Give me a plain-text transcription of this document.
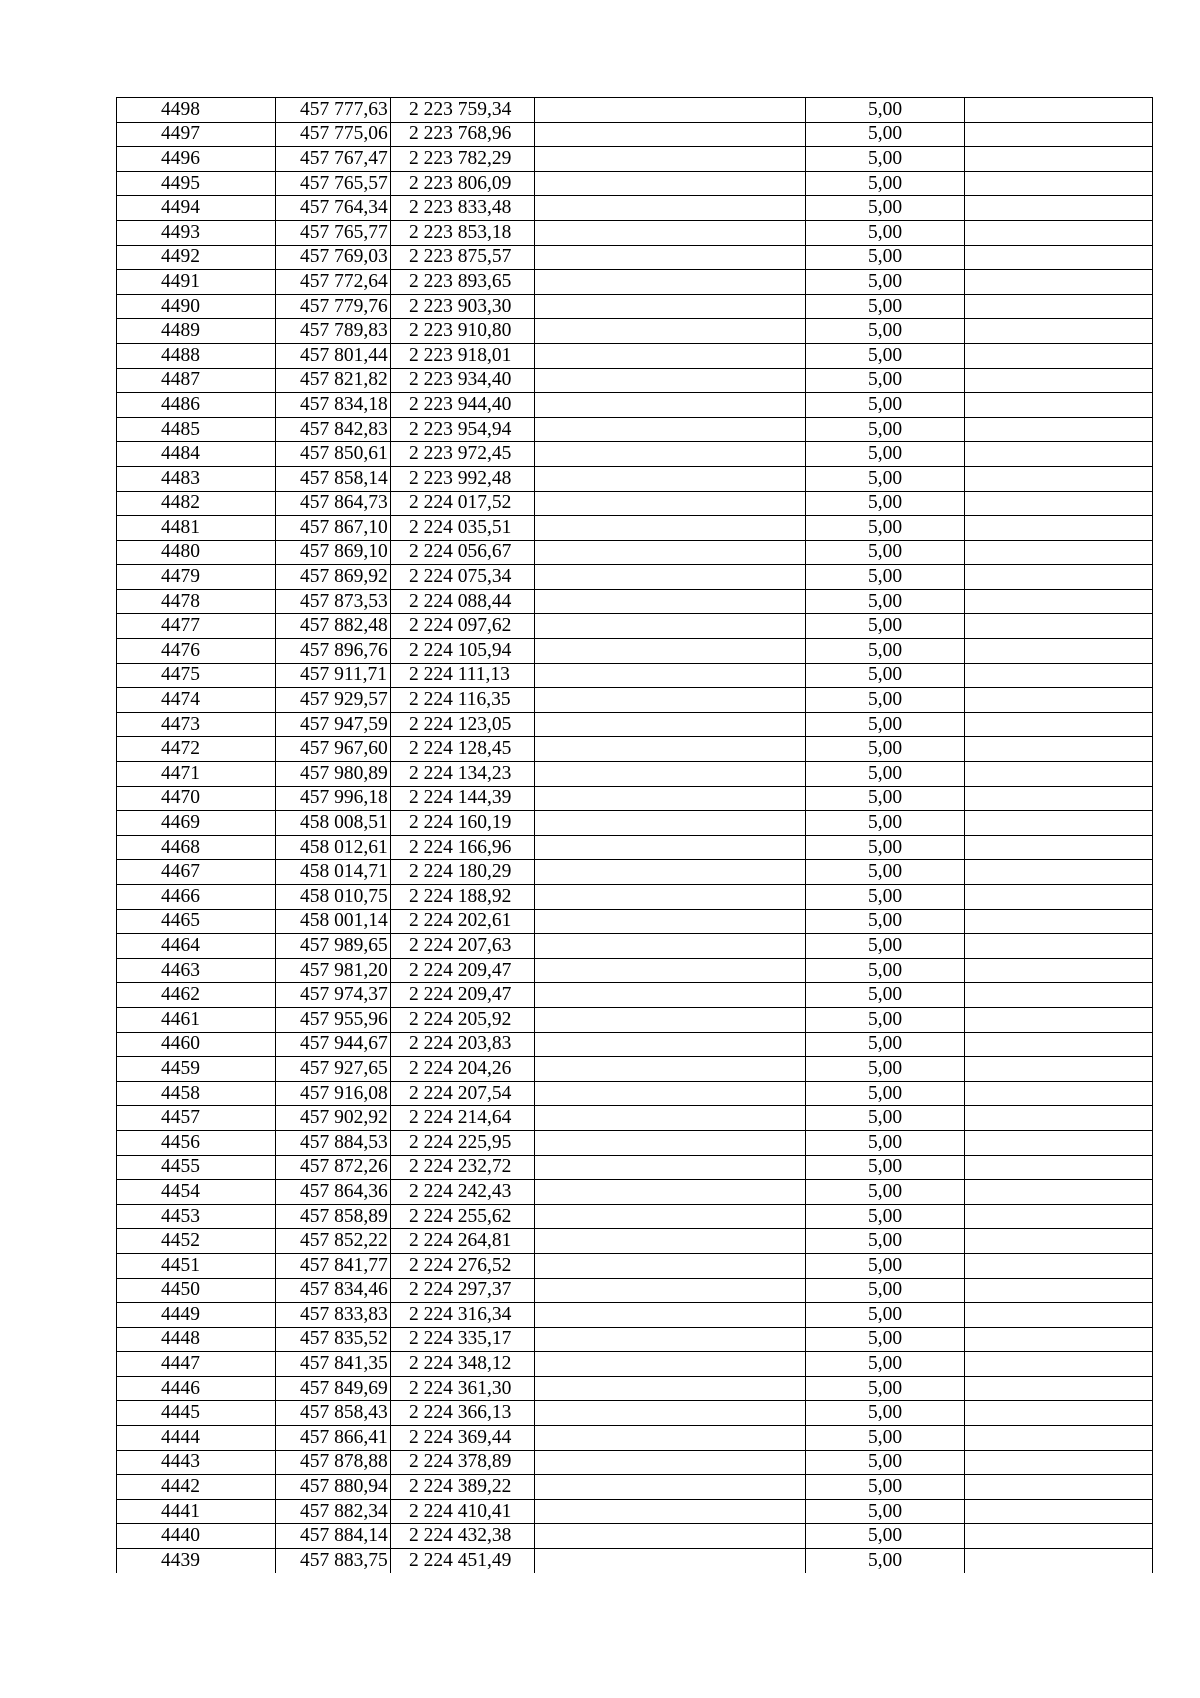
4498	457 777,63	2 223 759,34		5,00	
4497	457 775,06	2 223 768,96		5,00	
4496	457 767,47	2 223 782,29		5,00	
4495	457 765,57	2 223 806,09		5,00	
4494	457 764,34	2 223 833,48		5,00	
4493	457 765,77	2 223 853,18		5,00	
4492	457 769,03	2 223 875,57		5,00	
4491	457 772,64	2 223 893,65		5,00	
4490	457 779,76	2 223 903,30		5,00	
4489	457 789,83	2 223 910,80		5,00	
4488	457 801,44	2 223 918,01		5,00	
4487	457 821,82	2 223 934,40		5,00	
4486	457 834,18	2 223 944,40		5,00	
4485	457 842,83	2 223 954,94		5,00	
4484	457 850,61	2 223 972,45		5,00	
4483	457 858,14	2 223 992,48		5,00	
4482	457 864,73	2 224 017,52		5,00	
4481	457 867,10	2 224 035,51		5,00	
4480	457 869,10	2 224 056,67		5,00	
4479	457 869,92	2 224 075,34		5,00	
4478	457 873,53	2 224 088,44		5,00	
4477	457 882,48	2 224 097,62		5,00	
4476	457 896,76	2 224 105,94		5,00	
4475	457 911,71	2 224 111,13		5,00	
4474	457 929,57	2 224 116,35		5,00	
4473	457 947,59	2 224 123,05		5,00	
4472	457 967,60	2 224 128,45		5,00	
4471	457 980,89	2 224 134,23		5,00	
4470	457 996,18	2 224 144,39		5,00	
4469	458 008,51	2 224 160,19		5,00	
4468	458 012,61	2 224 166,96		5,00	
4467	458 014,71	2 224 180,29		5,00	
4466	458 010,75	2 224 188,92		5,00	
4465	458 001,14	2 224 202,61		5,00	
4464	457 989,65	2 224 207,63		5,00	
4463	457 981,20	2 224 209,47		5,00	
4462	457 974,37	2 224 209,47		5,00	
4461	457 955,96	2 224 205,92		5,00	
4460	457 944,67	2 224 203,83		5,00	
4459	457 927,65	2 224 204,26		5,00	
4458	457 916,08	2 224 207,54		5,00	
4457	457 902,92	2 224 214,64		5,00	
4456	457 884,53	2 224 225,95		5,00	
4455	457 872,26	2 224 232,72		5,00	
4454	457 864,36	2 224 242,43		5,00	
4453	457 858,89	2 224 255,62		5,00	
4452	457 852,22	2 224 264,81		5,00	
4451	457 841,77	2 224 276,52		5,00	
4450	457 834,46	2 224 297,37		5,00	
4449	457 833,83	2 224 316,34		5,00	
4448	457 835,52	2 224 335,17		5,00	
4447	457 841,35	2 224 348,12		5,00	
4446	457 849,69	2 224 361,30		5,00	
4445	457 858,43	2 224 366,13		5,00	
4444	457 866,41	2 224 369,44		5,00	
4443	457 878,88	2 224 378,89		5,00	
4442	457 880,94	2 224 389,22		5,00	
4441	457 882,34	2 224 410,41		5,00	
4440	457 884,14	2 224 432,38		5,00	
4439	457 883,75	2 224 451,49		5,00	
